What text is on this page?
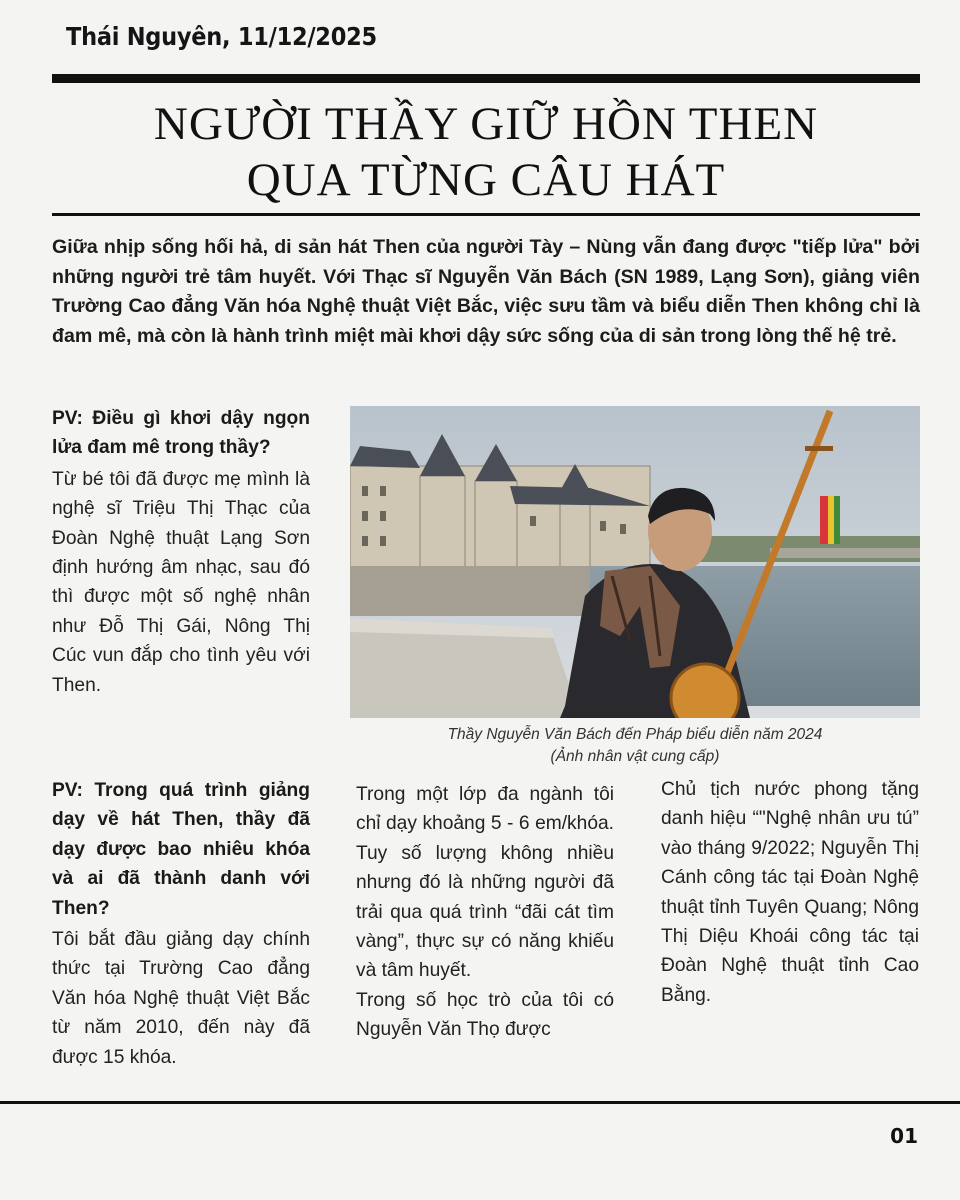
Thái Nguyên, 11/12/2025
NGƯỜI THẦY GIỮ HỒN THEN
QUA TỪNG CÂU HÁT
Giữa nhịp sống hối hả, di sản hát Then của người Tày – Nùng vẫn đang được "tiếp lửa" bởi những người trẻ tâm huyết. Với Thạc sĩ Nguyễn Văn Bách (SN 1989, Lạng Sơn), giảng viên Trường Cao đẳng Văn hóa Nghệ thuật Việt Bắc, việc sưu tầm và biểu diễn Then không chỉ là đam mê, mà còn là hành trình miệt mài khơi dậy sức sống của di sản trong lòng thế hệ trẻ.
PV: Điều gì khơi dậy ngọn lửa đam mê trong thầy?
Từ bé tôi đã được mẹ mình là nghệ sĩ Triệu Thị Thạc của Đoàn Nghệ thuật Lạng Sơn định hướng âm nhạc, sau đó thì được một số nghệ nhân như Đỗ Thị Gái, Nông Thị Cúc vun đắp cho tình yêu với Then.
Thầy Nguyễn Văn Bách đến Pháp biểu diễn năm 2024
(Ảnh nhân vật cung cấp)
PV: Trong quá trình giảng dạy về hát Then, thầy đã dạy được bao nhiêu khóa và ai đã thành danh với Then?
Tôi bắt đầu giảng dạy chính thức tại Trường Cao đẳng Văn hóa Nghệ thuật Việt Bắc từ năm 2010, đến này đã được 15 khóa.
Trong một lớp đa ngành tôi chỉ dạy khoảng 5 - 6 em/khóa. Tuy số lượng không nhiều nhưng đó là những người đã trải qua quá trình “đãi cát tìm vàng”, thực sự có năng khiếu và tâm huyết.
Trong số học trò của tôi có Nguyễn Văn Thọ được
Chủ tịch nước phong tặng danh hiệu “"Nghệ nhân ưu tú” vào tháng 9/2022; Nguyễn Thị Cánh công tác tại Đoàn Nghệ thuật tỉnh Tuyên Quang; Nông Thị Diệu Khoái công tác tại Đoàn Nghệ thuật tỉnh Cao Bằng.
01
